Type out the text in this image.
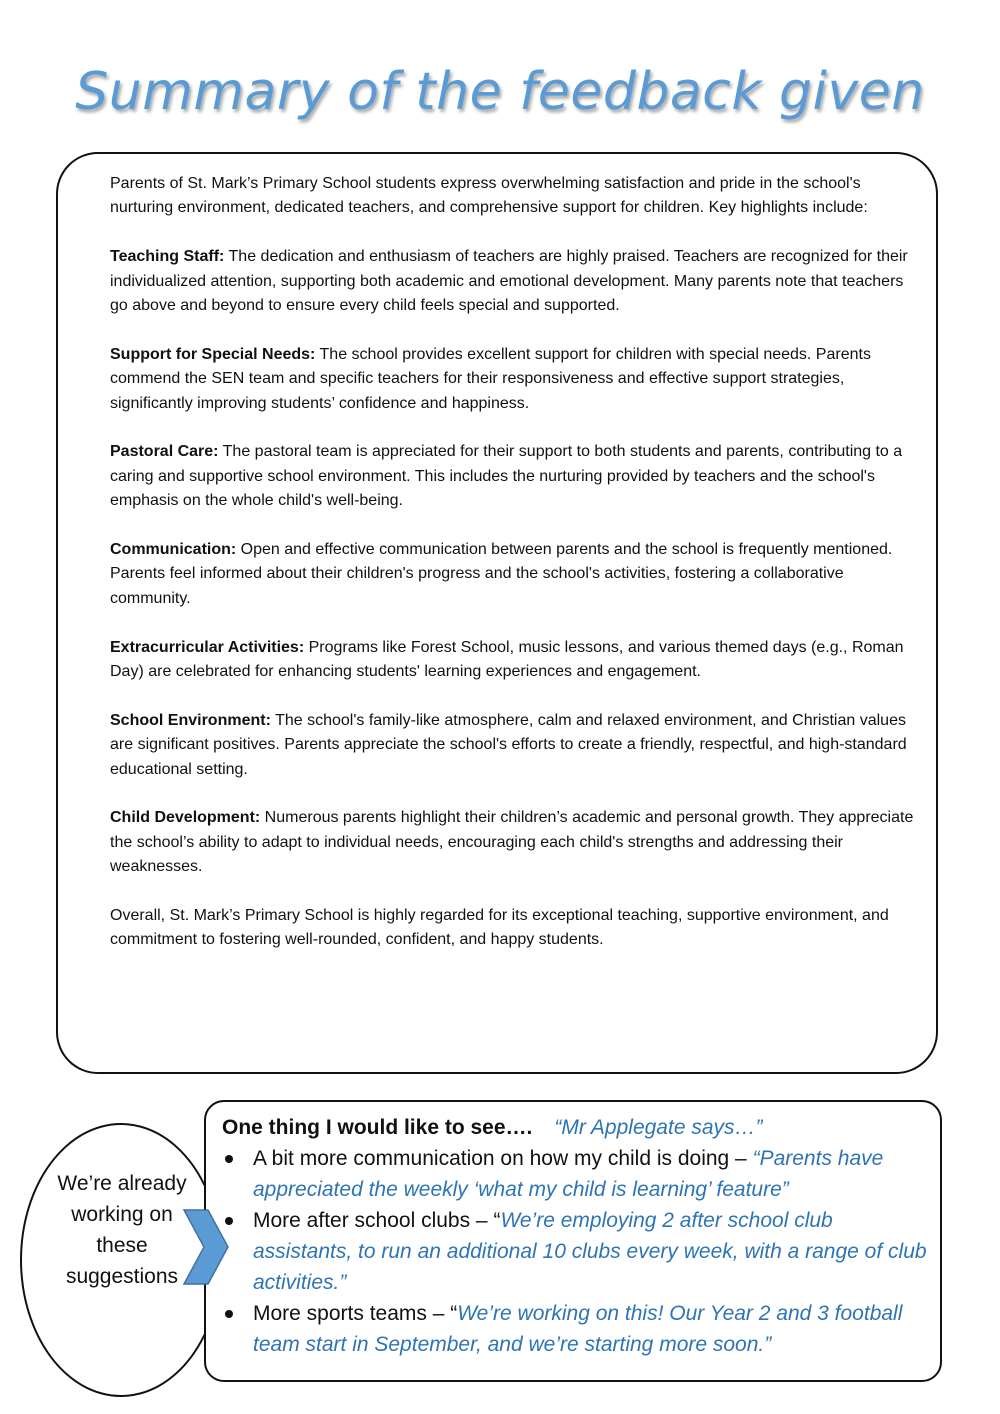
Summary of the feedback given

Parents of St. Mark’s Primary School students express overwhelming satisfaction and pride in the school's nurturing environment, dedicated teachers, and comprehensive support for children. Key highlights include:

Teaching Staff: The dedication and enthusiasm of teachers are highly praised. Teachers are recognized for their individualized attention, supporting both academic and emotional development. Many parents note that teachers go above and beyond to ensure every child feels special and supported.

Support for Special Needs: The school provides excellent support for children with special needs. Parents commend the SEN team and specific teachers for their responsiveness and effective support strategies, significantly improving students’ confidence and happiness.

Pastoral Care: The pastoral team is appreciated for their support to both students and parents, contributing to a caring and supportive school environment. This includes the nurturing provided by teachers and the school's emphasis on the whole child's well-being.

Communication: Open and effective communication between parents and the school is frequently mentioned. Parents feel informed about their children's progress and the school's activities, fostering a collaborative community.

Extracurricular Activities: Programs like Forest School, music lessons, and various themed days (e.g., Roman Day) are celebrated for enhancing students' learning experiences and engagement.

School Environment: The school's family-like atmosphere, calm and relaxed environment, and Christian values are significant positives. Parents appreciate the school's efforts to create a friendly, respectful, and high-standard educational setting.

Child Development: Numerous parents highlight their children’s academic and personal growth. They appreciate the school’s ability to adapt to individual needs, encouraging each child's strengths and addressing their weaknesses.

Overall, St. Mark’s Primary School is highly regarded for its exceptional teaching, supportive environment, and commitment to fostering well-rounded, confident, and happy students.

We’re already working on these suggestions
One thing I would like to see…. “Mr Applegate says…”
A bit more communication on how my child is doing – “Parents have appreciated the weekly ‘what my child is learning’ feature”
More after school clubs – “We’re employing 2 after school club assistants, to run an additional 10 clubs every week, with a range of club activities.”
More sports teams – “We’re working on this! Our Year 2 and 3 football team start in September, and we’re starting more soon.”
